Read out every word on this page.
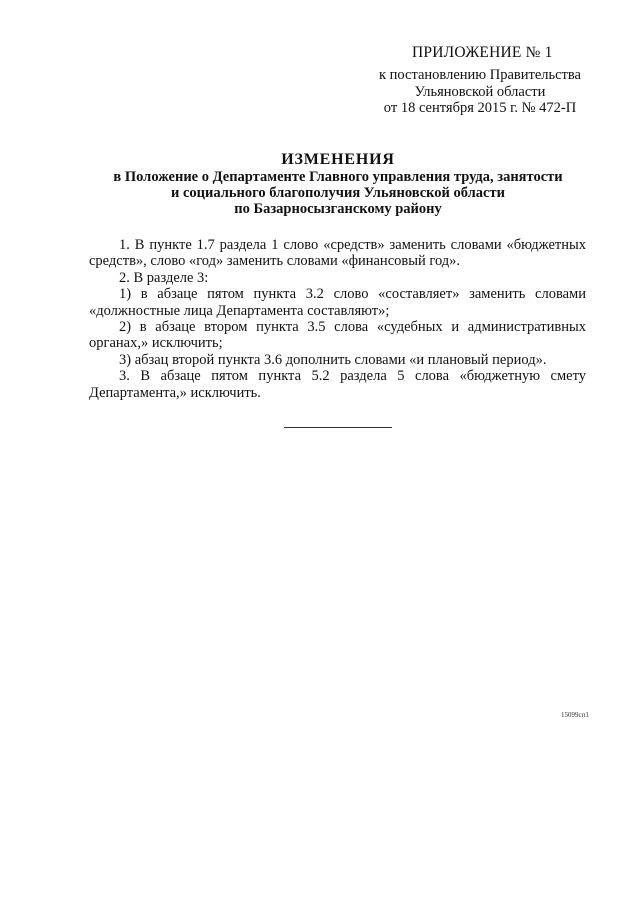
ПРИЛОЖЕНИЕ № 1
к постановлению Правительства
Ульяновской области
от 18 сентября 2015 г. № 472-П
ИЗМЕНЕНИЯ
в Положение о Департаменте Главного управления труда, занятости
и социального благополучия Ульяновской области
по Базарносызганскому району

1. В пункте 1.7 раздела 1 слово «средств» заменить словами «бюджетных средств», слово «год» заменить словами «финансовый год».

2. В разделе 3:

1) в абзаце пятом пункта 3.2 слово «составляет» заменить словами «должностные лица Департамента составляют»;

2) в абзаце втором пункта 3.5 слова «судебных и административных органах,» исключить;

3) абзац второй пункта 3.6 дополнить словами «и плановый период».

3. В абзаце пятом пункта 5.2 раздела 5 слова «бюджетную смету Департамента,» исключить.

15099сп1
